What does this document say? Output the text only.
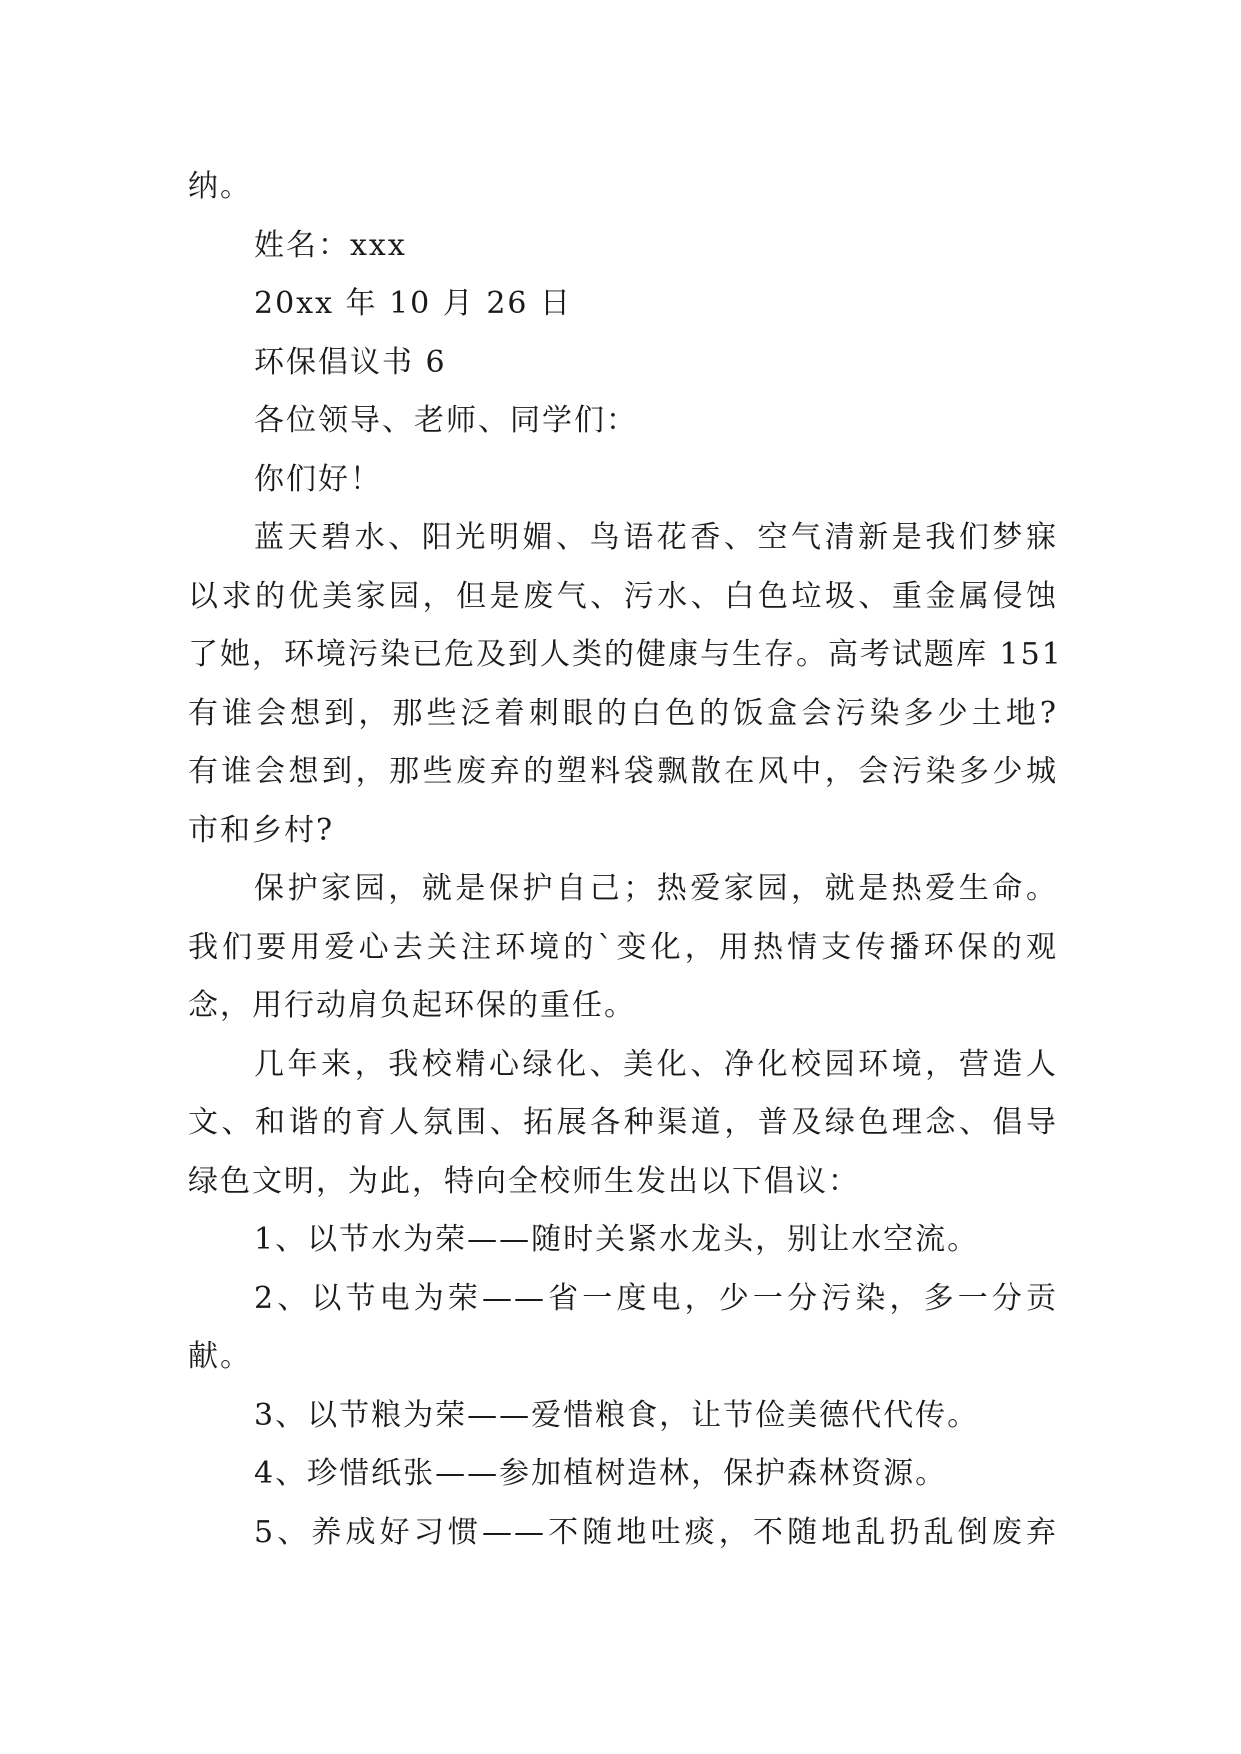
纳。
姓名：xxx
20xx 年 10 月 26 日
环保倡议书 6
各位领导、老师、同学们：
你们好！
蓝天碧水、阳光明媚、鸟语花香、空气清新是我们梦寐
以求的优美家园，但是废气、污水、白色垃圾、重金属侵蚀
了她，环境污染已危及到人类的健康与生存。高考试题库 151
有谁会想到，那些泛着刺眼的白色的饭盒会污染多少土地?
有谁会想到，那些废弃的塑料袋飘散在风中，会污染多少城
市和乡村?
保护家园，就是保护自己；热爱家园，就是热爱生命。
我们要用爱心去关注环境的`变化，用热情支传播环保的观
念，用行动肩负起环保的重任。
几年来，我校精心绿化、美化、净化校园环境，营造人
文、和谐的育人氛围、拓展各种渠道，普及绿色理念、倡导
绿色文明，为此，特向全校师生发出以下倡议：
1、以节水为荣——随时关紧水龙头，别让水空流。
2、以节电为荣——省一度电，少一分污染，多一分贡
献。
3、以节粮为荣——爱惜粮食，让节俭美德代代传。
4、珍惜纸张——参加植树造林，保护森林资源。
5、养成好习惯——不随地吐痰，不随地乱扔乱倒废弃
